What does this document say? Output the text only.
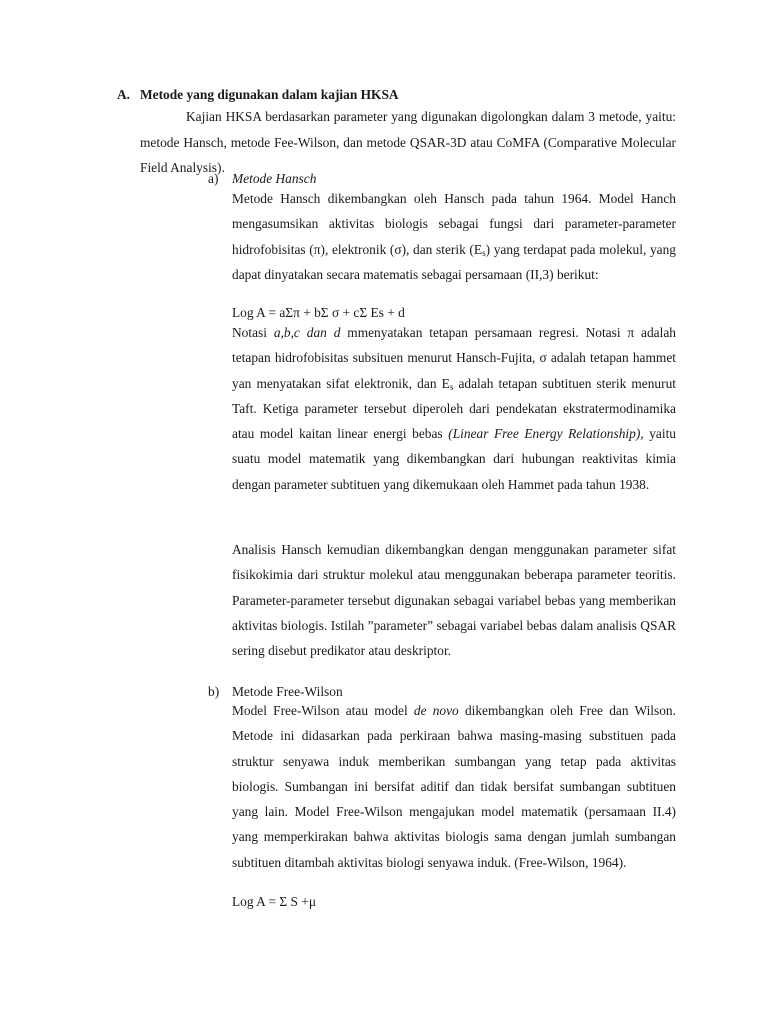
A. Metode yang digunakan dalam kajian HKSA
Kajian HKSA berdasarkan parameter yang digunakan digolongkan dalam 3 metode, yaitu: metode Hansch, metode Fee-Wilson, dan metode QSAR-3D atau CoMFA (Comparative Molecular Field Analysis).
a) Metode Hansch
Metode Hansch dikembangkan oleh Hansch pada tahun 1964. Model Hanch mengasumsikan aktivitas biologis sebagai fungsi dari parameter-parameter hidrofobisitas (π), elektronik (σ), dan sterik $(E_s)$ yang terdapat pada molekul, yang dapat dinyatakan secara matematis sebagai persamaan (II,3) berikut:
Log A = aΣπ + bΣ σ + cΣ Es + d
Notasi a,b,c dan d mmenyatakan tetapan persamaan regresi. Notasi π adalah tetapan hidrofobisitas subsituen menurut Hansch-Fujita, σ adalah tetapan hammet yan menyatakan sifat elektronik, dan $E_s$ adalah tetapan subtituen sterik menurut Taft. Ketiga parameter tersebut diperoleh dari pendekatan ekstratermodinamika atau model kaitan linear energi bebas (Linear Free Energy Relationship), yaitu suatu model matematik yang dikembangkan dari hubungan reaktivitas kimia dengan parameter subtituen yang dikemukaan oleh Hammet pada tahun 1938.
Analisis Hansch kemudian dikembangkan dengan menggunakan parameter sifat fisikokimia dari struktur molekul atau menggunakan beberapa parameter teoritis. Parameter-parameter tersebut digunakan sebagai variabel bebas yang memberikan aktivitas biologis. Istilah ”parameter” sebagai variabel bebas dalam analisis QSAR sering disebut predikator atau deskriptor.
b) Metode Free-Wilson
Model Free-Wilson atau model de novo dikembangkan oleh Free dan Wilson. Metode ini didasarkan pada perkiraan bahwa masing-masing substituen pada struktur senyawa induk memberikan sumbangan yang tetap pada aktivitas biologis. Sumbangan ini bersifat aditif dan tidak bersifat sumbangan subtituen yang lain. Model Free-Wilson mengajukan model matematik (persamaan II.4) yang memperkirakan bahwa aktivitas biologis sama dengan jumlah sumbangan subtituen ditambah aktivitas biologi senyawa induk. (Free-Wilson, 1964).
Log A = Σ S +μ
